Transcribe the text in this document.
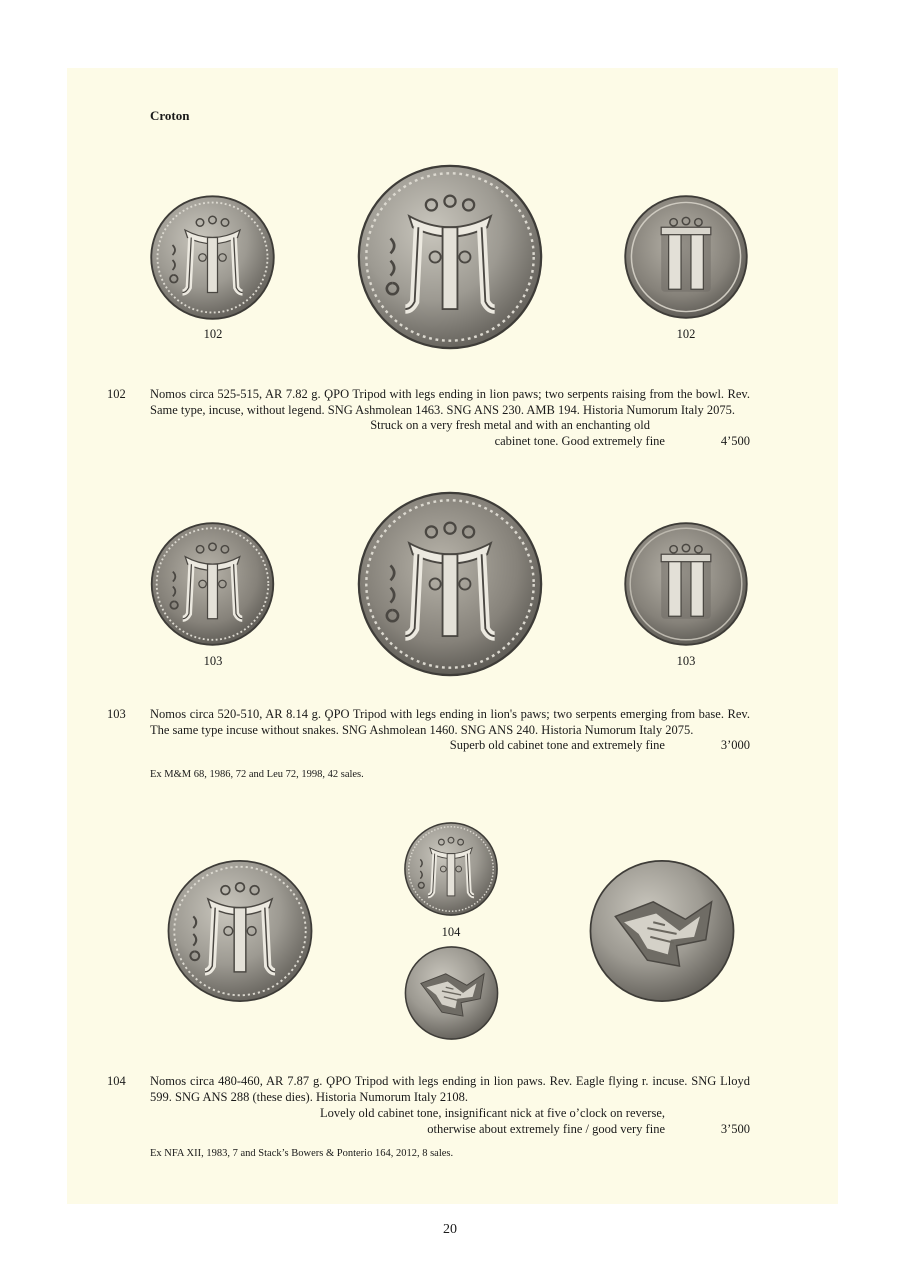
Croton
102	102
102 Nomos circa 525-515, AR 7.82 g. ϘPO Tripod with legs ending in lion paws; two serpents raising from the bowl. Rev. Same type, incuse, without legend. SNG Ashmolean 1463. SNG ANS 230. AMB 194. Historia Numorum Italy 2075.

Struck on a very fresh metal and with an enchanting old
cabinet tone. Good extremely fine	4’500
103	103
103 Nomos circa 520-510, AR 8.14 g. ϘPO Tripod with legs ending in lion's paws; two serpents emerging from base. Rev. The same type incuse without snakes. SNG Ashmolean 1460. SNG ANS 240. Historia Numorum Italy 2075.

Superb old cabinet tone and extremely fine	3’000
Ex M&M 68, 1986, 72 and Leu 72, 1998, 42 sales.
104
104 Nomos circa 480-460, AR 7.87 g. ϘPO Tripod with legs ending in lion paws. Rev. Eagle flying r. incuse. SNG Lloyd 599. SNG ANS 288 (these dies). Historia Numorum Italy 2108.

Lovely old cabinet tone, insignificant nick at five o’clock on reverse,
otherwise about extremely fine / good very fine	3’500
Ex NFA XII, 1983, 7 and Stack’s Bowers & Ponterio 164, 2012, 8 sales.
20
